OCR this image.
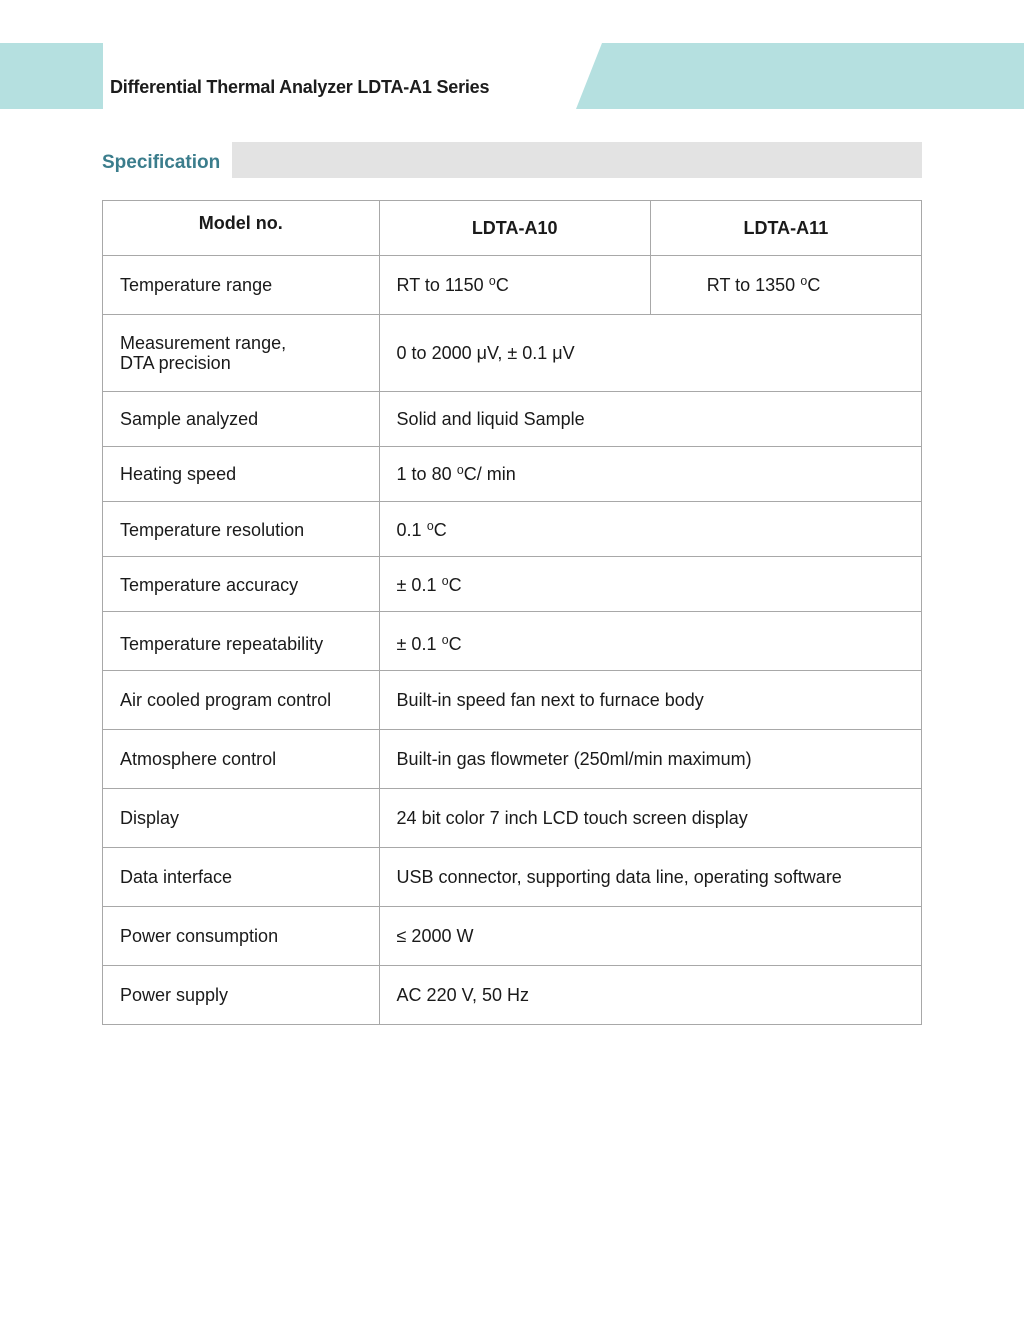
Differential Thermal Analyzer LDTA-A1 Series
Specification
Model no.	LDTA-A10	LDTA-A11
Temperature range	RT to 1150 ⁰C	RT to 1350 ⁰C

Measurement range,
DTA precision	0 to 2000 μV, ± 0.1 μV	
Sample analyzed	Solid and liquid Sample	
Heating speed	1 to 80 ⁰C/ min	
Temperature resolution	0.1 ⁰C	
Temperature accuracy	± 0.1 ⁰C	
Temperature repeatability	± 0.1 ⁰C	
Air cooled program control	Built-in speed fan next to furnace body	
Atmosphere control	Built-in gas flowmeter (250ml/min maximum)	
Display	24 bit color 7 inch LCD touch screen display	
Data interface	USB connector, supporting data line, operating software	
Power consumption	≤ 2000 W	
Power supply	AC 220 V, 50 Hz	
